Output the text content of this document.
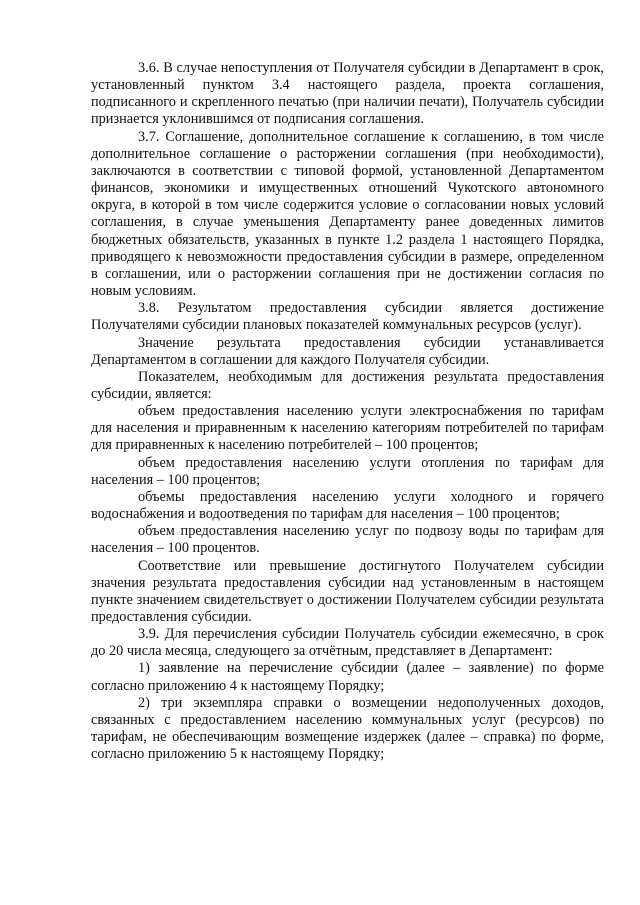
3.6. В случае непоступления от Получателя субсидии в Департамент в срок, установленный пунктом 3.4 настоящего раздела, проекта соглашения, подписанного и скрепленного печатью (при наличии печати), Получатель субсидии признается уклонившимся от подписания соглашения.

3.7. Соглашение, дополнительное соглашение к соглашению, в том числе дополнительное соглашение о расторжении соглашения (при необходимости), заключаются в соответствии с типовой формой, установленной Департаментом финансов, экономики и имущественных отношений Чукотского автономного округа, в которой в том числе содержится условие о согласовании новых условий соглашения, в случае уменьшения Департаменту ранее доведенных лимитов бюджетных обязательств, указанных в пункте 1.2 раздела 1 настоящего Порядка, приводящего к невозможности предоставления субсидии в размере, определенном в соглашении, или о расторжении соглашения при не достижении согласия по новым условиям.

3.8. Результатом предоставления субсидии является достижение Получателями субсидии плановых показателей коммунальных ресурсов (услуг).

Значение результата предоставления субсидии устанавливается Департаментом в соглашении для каждого Получателя субсидии.

Показателем, необходимым для достижения результата предоставления субсидии, является:

объем предоставления населению услуги электроснабжения по тарифам для населения и приравненным к населению категориям потребителей по тарифам для приравненных к населению потребителей – 100 процентов;

объем предоставления населению услуги отопления по тарифам для населения – 100 процентов;

объемы предоставления населению услуги холодного и горячего водоснабжения и водоотведения по тарифам для населения – 100 процентов;

объем предоставления населению услуг по подвозу воды по тарифам для населения – 100 процентов.

Соответствие или превышение достигнутого Получателем субсидии значения результата предоставления субсидии над установленным в настоящем пункте значением свидетельствует о достижении Получателем субсидии результата предоставления субсидии.

3.9. Для перечисления субсидии Получатель субсидии ежемесячно, в срок до 20 числа месяца, следующего за отчётным, представляет в Департамент:

1) заявление на перечисление субсидии (далее – заявление) по форме согласно приложению 4 к настоящему Порядку;

2) три экземпляра справки о возмещении недополученных доходов, связанных с предоставлением населению коммунальных услуг (ресурсов) по тарифам, не обеспечивающим возмещение издержек (далее – справка) по форме, согласно приложению 5 к настоящему Порядку;
